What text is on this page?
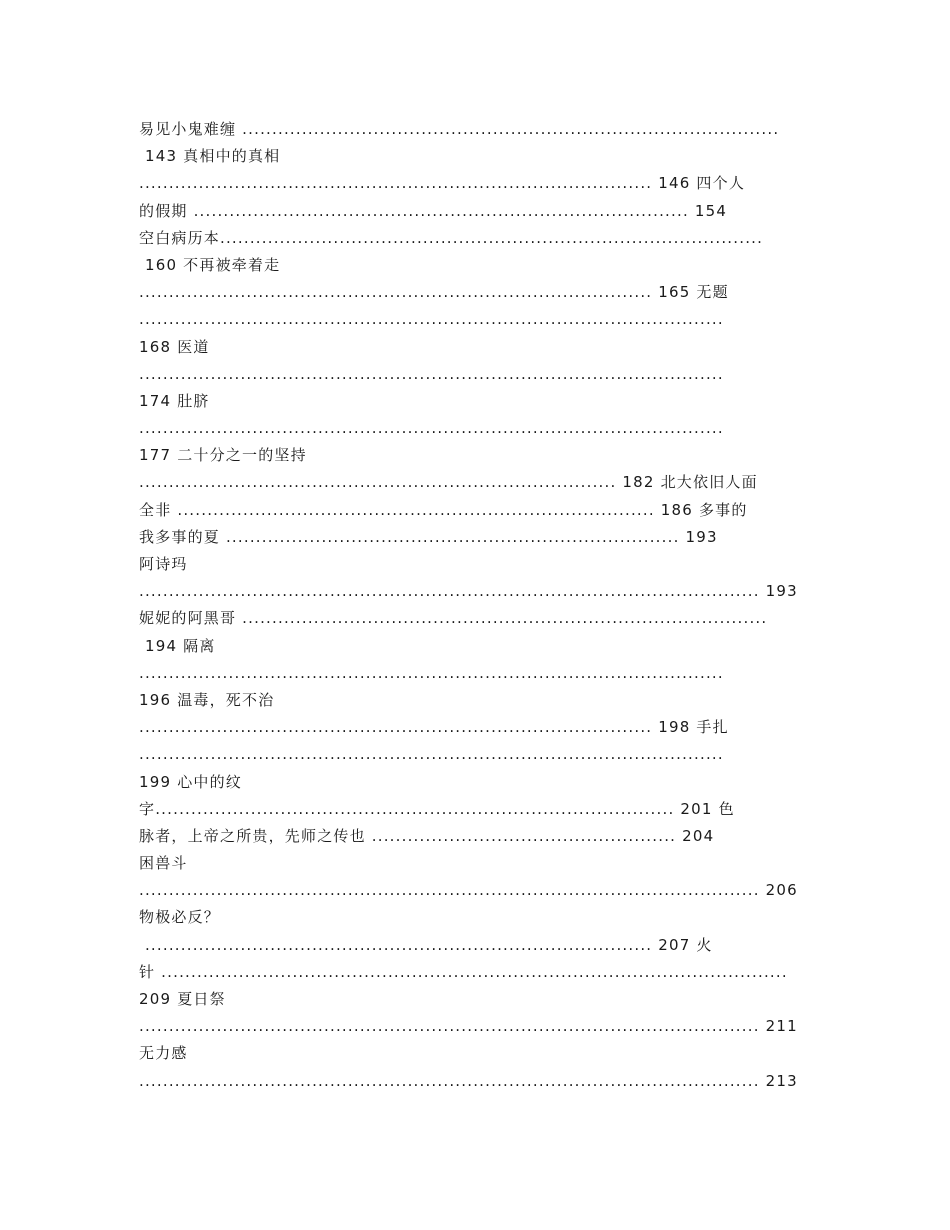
易见小鬼难缠 ..........................................................................................
143 真相中的真相
...................................................................................... 146 四个人
的假期 ................................................................................... 154
空白病历本...........................................................................................
160 不再被牵着走
...................................................................................... 165 无题
..................................................................................................
168 医道
..................................................................................................
174 肚脐
..................................................................................................
177 二十分之一的坚持
................................................................................ 182 北大依旧人面
全非 ................................................................................ 186 多事的
我多事的夏 ............................................................................ 193
阿诗玛
........................................................................................................ 193
妮妮的阿黑哥 ........................................................................................
194 隔离
..................................................................................................
196 温毒，死不治
...................................................................................... 198 手扎
..................................................................................................
199 心中的纹
字....................................................................................... 201 色
脉者，上帝之所贵，先师之传也 ................................................... 204
困兽斗
........................................................................................................ 206
物极必反？
..................................................................................... 207 火
针 .........................................................................................................
209 夏日祭
........................................................................................................ 211
无力感
........................................................................................................ 213
